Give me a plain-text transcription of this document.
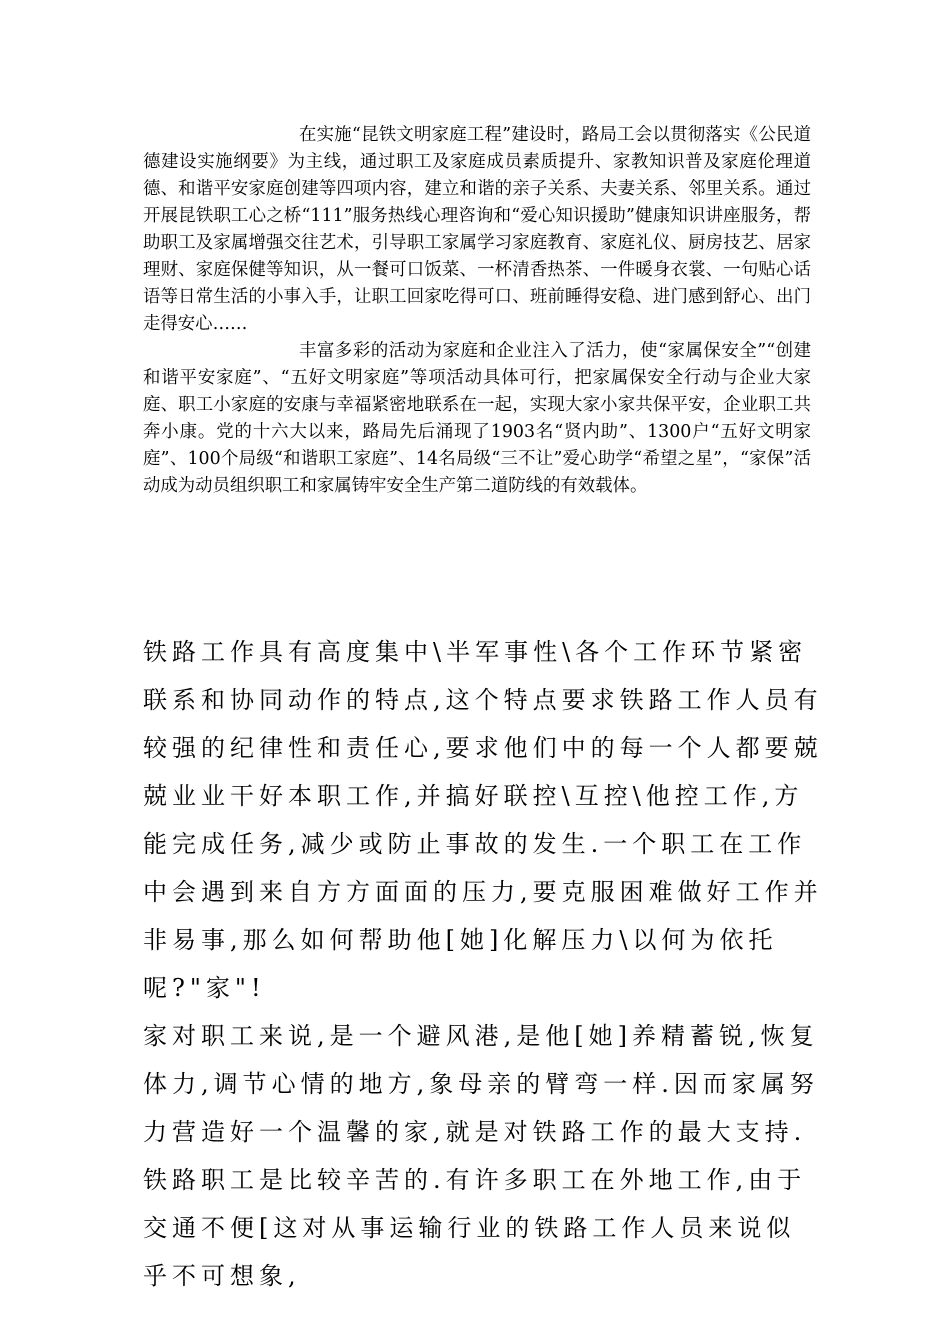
在实施“昆铁文明家庭工程”建设时，路局工会以贯彻落实《公民道德建设实施纲要》为主线，通过职工及家庭成员素质提升、家教知识普及家庭伦理道德、和谐平安家庭创建等四项内容，建立和谐的亲子关系、夫妻关系、邻里关系。通过开展昆铁职工心之桥“111”服务热线心理咨询和“爱心知识援助”健康知识讲座服务，帮助职工及家属增强交往艺术，引导职工家属学习家庭教育、家庭礼仪、厨房技艺、居家理财、家庭保健等知识，从一餐可口饭菜、一杯清香热茶、一件暖身衣裳、一句贴心话语等日常生活的小事入手，让职工回家吃得可口、班前睡得安稳、进门感到舒心、出门走得安心……

丰富多彩的活动为家庭和企业注入了活力，使“家属保安全”“创建和谐平安家庭”、“五好文明家庭”等项活动具体可行，把家属保安全行动与企业大家庭、职工小家庭的安康与幸福紧密地联系在一起，实现大家小家共保平安，企业职工共奔小康。党的十六大以来，路局先后涌现了1903名“贤内助”、1300户“五好文明家庭”、100个局级“和谐职工家庭”、14名局级“三不让”爱心助学“希望之星”，“家保”活动成为动员组织职工和家属铸牢安全生产第二道防线的有效载体。

铁路工作具有高度集中\半军事性\各个工作环节紧密联系和协同动作的特点,这个特点要求铁路工作人员有较强的纪律性和责任心,要求他们中的每一个人都要兢兢业业干好本职工作,并搞好联控\互控\他控工作,方能完成任务,减少或防止事故的发生.一个职工在工作中会遇到来自方方面面的压力,要克服困难做好工作并非易事,那么如何帮助他[她]化解压力\以何为依托呢?"家"!

家对职工来说,是一个避风港,是他[她]养精蓄锐,恢复体力,调节心情的地方,象母亲的臂弯一样.因而家属努力营造好一个温馨的家,就是对铁路工作的最大支持.

铁路职工是比较辛苦的.有许多职工在外地工作,由于交通不便[这对从事运输行业的铁路工作人员来说似乎不可想象,
